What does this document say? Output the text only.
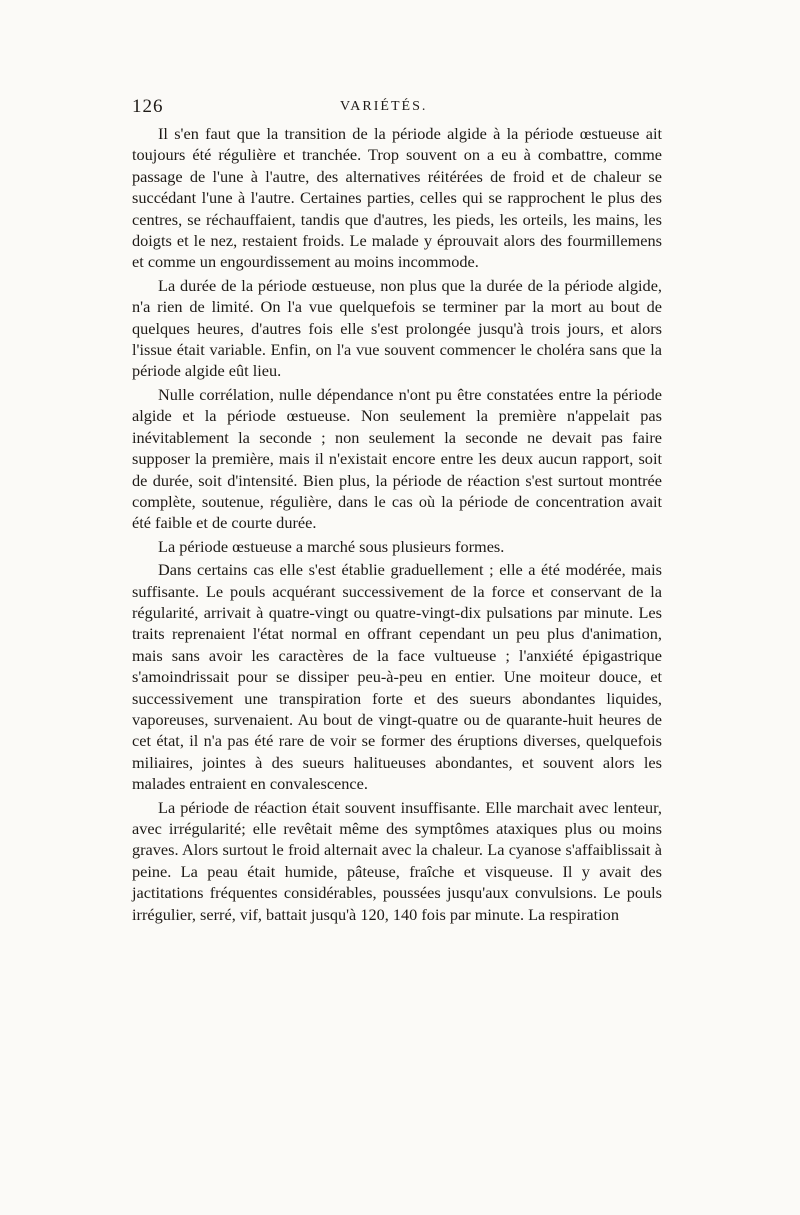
126	VARIÉTÉS.

Il s'en faut que la transition de la période algide à la période œstueuse ait toujours été régulière et tranchée. Trop souvent on a eu à combattre, comme passage de l'une à l'autre, des alternatives réitérées de froid et de chaleur se succédant l'une à l'autre. Certaines parties, celles qui se rapprochent le plus des centres, se réchauffaient, tandis que d'autres, les pieds, les orteils, les mains, les doigts et le nez, restaient froids. Le malade y éprouvait alors des fourmillemens et comme un engourdissement au moins incommode.

La durée de la période œstueuse, non plus que la durée de la période algide, n'a rien de limité. On l'a vue quelquefois se terminer par la mort au bout de quelques heures, d'autres fois elle s'est prolongée jusqu'à trois jours, et alors l'issue était variable. Enfin, on l'a vue souvent commencer le choléra sans que la période algide eût lieu.

Nulle corrélation, nulle dépendance n'ont pu être constatées entre la période algide et la période œstueuse. Non seulement la première n'appelait pas inévitablement la seconde ; non seulement la seconde ne devait pas faire supposer la première, mais il n'existait encore entre les deux aucun rapport, soit de durée, soit d'intensité. Bien plus, la période de réaction s'est surtout montrée complète, soutenue, régulière, dans le cas où la période de concentration avait été faible et de courte durée.

La période œstueuse a marché sous plusieurs formes.

Dans certains cas elle s'est établie graduellement ; elle a été modérée, mais suffisante. Le pouls acquérant successivement de la force et conservant de la régularité, arrivait à quatre-vingt ou quatre-vingt-dix pulsations par minute. Les traits reprenaient l'état normal en offrant cependant un peu plus d'animation, mais sans avoir les caractères de la face vultueuse ; l'anxiété épigastrique s'amoindrissait pour se dissiper peu-à-peu en entier. Une moiteur douce, et successivement une transpiration forte et des sueurs abondantes liquides, vaporeuses, survenaient. Au bout de vingt-quatre ou de quarante-huit heures de cet état, il n'a pas été rare de voir se former des éruptions diverses, quelquefois miliaires, jointes à des sueurs halitueuses abondantes, et souvent alors les malades entraient en convalescence.

La période de réaction était souvent insuffisante. Elle marchait avec lenteur, avec irrégularité; elle revêtait même des symptômes ataxiques plus ou moins graves. Alors surtout le froid alternait avec la chaleur. La cyanose s'affaiblissait à peine. La peau était humide, pâteuse, fraîche et visqueuse. Il y avait des jactitations fréquentes considérables, poussées jusqu'aux convulsions. Le pouls irrégulier, serré, vif, battait jusqu'à 120, 140 fois par minute. La respiration
